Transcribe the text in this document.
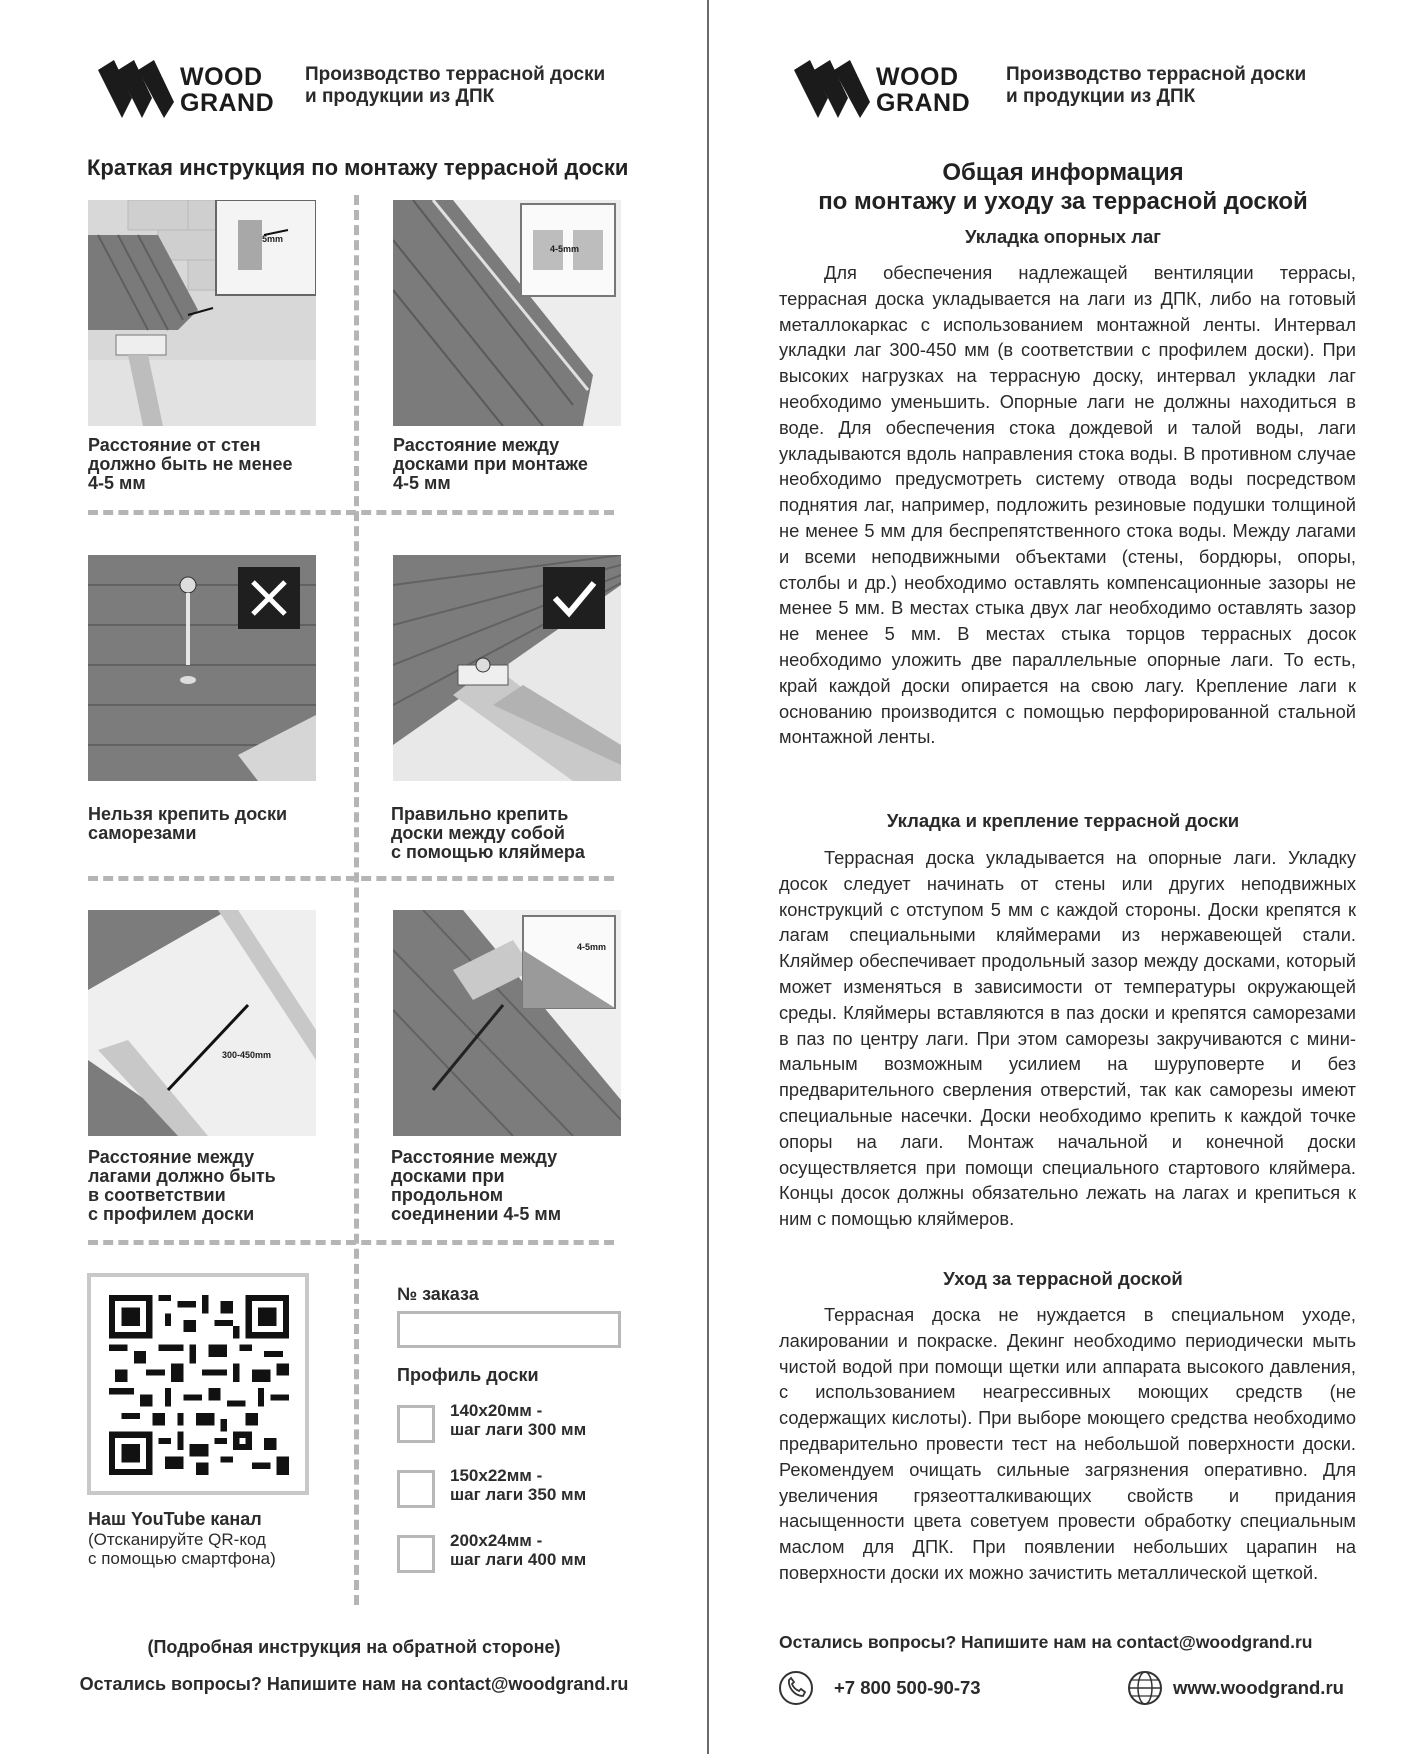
WOOD
GRAND
Производство террасной доски
и продукции из ДПК
Краткая инструкция по монтажу террасной доски
Расстояние от стен
должно быть не менее
4-5 мм
5mm
4-5mm
Расстояние между
досками при монтаже
4-5 мм
Нельзя крепить доски
саморезами
Правильно крепить
доски между собой
с помощью кляймера
300-450mm
Расстояние между
лагами должно быть
в соответствии
с профилем доски
4-5mm
Расстояние между
досками при
продольном
соединении 4-5 мм
Наш YouTube канал
(Отсканируйте QR-код
с помощью смартфона)
№ заказа
Профиль доски
140х20мм -
шаг лаги 300 мм
150х22мм -
шаг лаги 350 мм
200х24мм -
шаг лаги 400 мм
(Подробная инструкция на обратной стороне)
Остались вопросы? Напишите нам на contact@woodgrand.ru
WOOD
GRAND
Производство террасной доски
и продукции из ДПК
Общая информация
по монтажу и уходу за террасной доской
Укладка опорных лаг
Для обеспечения надлежащей вентиляции террасы, террасная доска укладывается на лаги из ДПК, либо на готовый металлокаркас с использованием монтажной ленты. Интервал укладки лаг 300-450 мм (в соответствии с профилем доски). При высоких нагрузках на террасную доску, интервал укладки лаг необходимо уменьшить. Опорные лаги не должны находиться в воде. Для обеспечения стока дождевой и талой воды, лаги укладываются вдоль направления стока воды. В противном случае необходимо предусмотреть систему отвода воды посредством поднятия лаг, например, подложить резиновые подушки толщиной не менее 5 мм для беспрепятственного стока воды. Между лагами и всеми неподвижными объектами (стены, бордюры, опоры, столбы и др.) необходимо оставлять компенсационные зазоры не менее 5 мм. В местах стыка двух лаг необходимо оставлять зазор не менее 5 мм. В местах стыка торцов террасных досок необходимо уложить две параллельные опорные лаги. То есть, край каждой доски опирается на свою лагу. Крепление лаги к основанию производится с помощью перфорированной стальной монтажной ленты.
Укладка и крепление террасной доски
Террасная доска укладывается на опорные лаги. Укладку досок следует начинать от стены или других неподвижных конструкций с отступом 5 мм с каждой стороны. Доски крепятся к лагам специальными кляймерами из нержавеющей стали. Кляймер обеспечивает продольный зазор между досками, который может изменяться в зависимости от температуры окружающей среды. Кляймеры вставляются в паз доски и крепятся саморезами в паз по центру лаги. При этом саморезы закручиваются с минимальным возможным усилием на шуруповерте и без предварительного сверления отверстий, так как саморезы имеют специальные насечки. Доски необходимо крепить к каждой точке опоры на лаги. Монтаж начальной и конечной доски осуществляется при помощи специального стартового кляймера. Концы досок должны обязательно лежать на лагах и крепиться к ним с помощью кляймеров.
Уход за террасной доской
Террасная доска не нуждается в специальном уходе, лакировании и покраске. Декинг необходимо периодически мыть чистой водой при помощи щетки или аппарата высокого давления, с использованием неагрессивных моющих средств (не содержащих кислоты). При выборе моющего средства необходимо предварительно провести тест на небольшой поверхности доски. Рекомендуем очищать сильные загрязнения оперативно. Для увеличения грязеотталкивающих свойств и придания насыщенности цвета советуем провести обработку специальным маслом для ДПК. При появлении небольших царапин на поверхности доски их можно зачистить металлической щеткой.
Остались вопросы? Напишите нам на contact@woodgrand.ru
+7 800 500-90-73	www.woodgrand.ru
